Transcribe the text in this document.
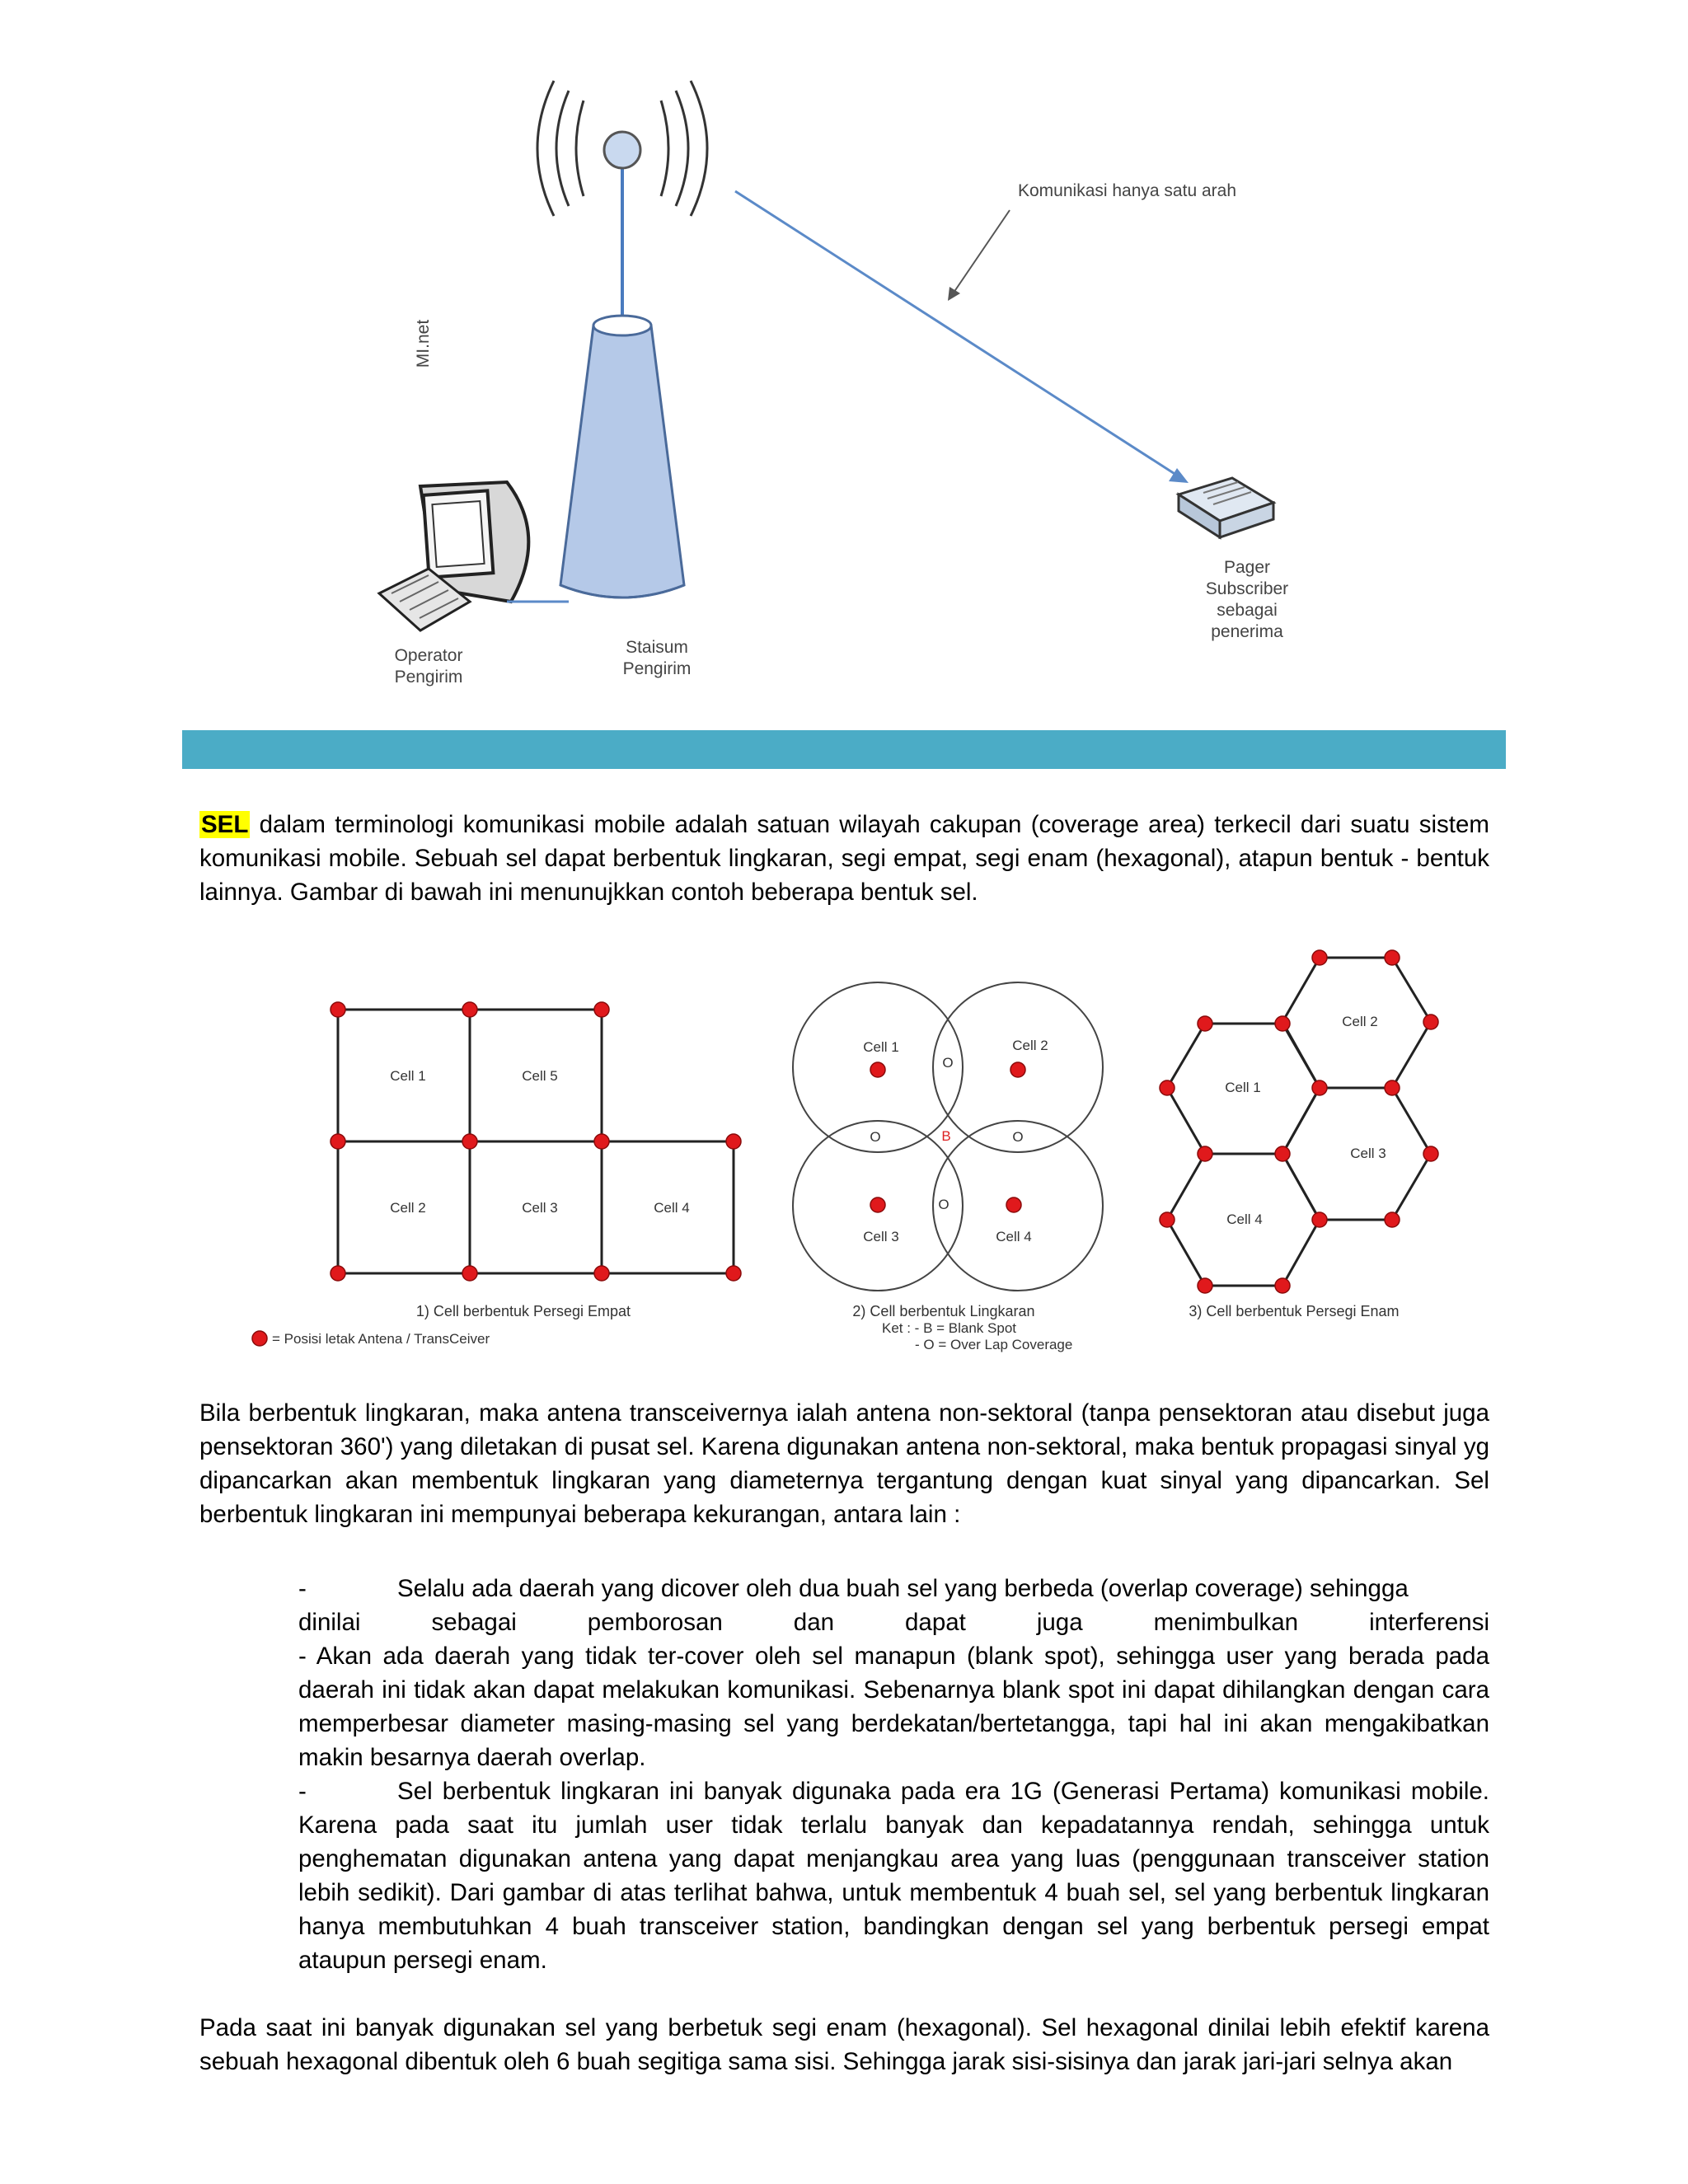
MI.net
Komunikasi hanya satu arah
Operator
Pengirim
Staisum
Pengirim
Pager
Subscriber
sebagai
penerima

SEL dalam terminologi komunikasi mobile adalah satuan wilayah cakupan (coverage area) terkecil dari suatu sistem komunikasi mobile. Sebuah sel dapat berbentuk lingkaran, segi empat, segi enam (hexagonal), atapun bentuk - bentuk lainnya. Gambar di bawah ini menunujkkan contoh beberapa bentuk sel.

Cell 1	Cell 5
Cell 2	Cell 3	Cell 4
1) Cell berbentuk Persegi Empat
= Posisi letak Antena / TransCeiver
Cell 1	Cell 2
Cell 3	Cell 4
O
O	O
O
B
2) Cell berbentuk Lingkaran
Ket : - B = Blank Spot
- O = Over Lap Coverage
Cell 2
Cell 1
Cell 3
Cell 4
3) Cell berbentuk Persegi Enam

Bila berbentuk lingkaran, maka antena transceivernya ialah antena non-sektoral (tanpa pensektoran atau disebut juga pensektoran 360') yang diletakan di pusat sel. Karena digunakan antena non-sektoral, maka bentuk propagasi sinyal yg dipancarkan akan membentuk lingkaran yang diameternya tergantung dengan kuat sinyal yang dipancarkan. Sel berbentuk lingkaran ini mempunyai beberapa kekurangan, antara lain :

-	Selalu ada daerah yang dicover oleh dua buah sel yang berbeda (overlap coverage) sehingga
dinilai sebagai pemborosan dan dapat juga menimbulkan interferensi
- Akan ada daerah yang tidak ter-cover oleh sel manapun (blank spot), sehingga user yang berada pada daerah ini tidak akan dapat melakukan komunikasi. Sebenarnya blank spot ini dapat dihilangkan dengan cara memperbesar diameter masing-masing sel yang berdekatan/bertetangga, tapi hal ini akan mengakibatkan makin besarnya daerah overlap.
-	Sel berbentuk lingkaran ini banyak digunaka pada era 1G (Generasi Pertama) komunikasi mobile. Karena pada saat itu jumlah user tidak terlalu banyak dan kepadatannya rendah, sehingga untuk penghematan digunakan antena yang dapat menjangkau area yang luas (penggunaan transceiver station lebih sedikit). Dari gambar di atas terlihat bahwa, untuk membentuk 4 buah sel, sel yang berbentuk lingkaran hanya membutuhkan 4 buah transceiver station, bandingkan dengan sel yang berbentuk persegi empat ataupun persegi enam.

Pada saat ini banyak digunakan sel yang berbetuk segi enam (hexagonal). Sel hexagonal dinilai lebih efektif karena sebuah hexagonal dibentuk oleh 6 buah segitiga sama sisi. Sehingga jarak sisi-sisinya dan jarak jari-jari selnya akan
